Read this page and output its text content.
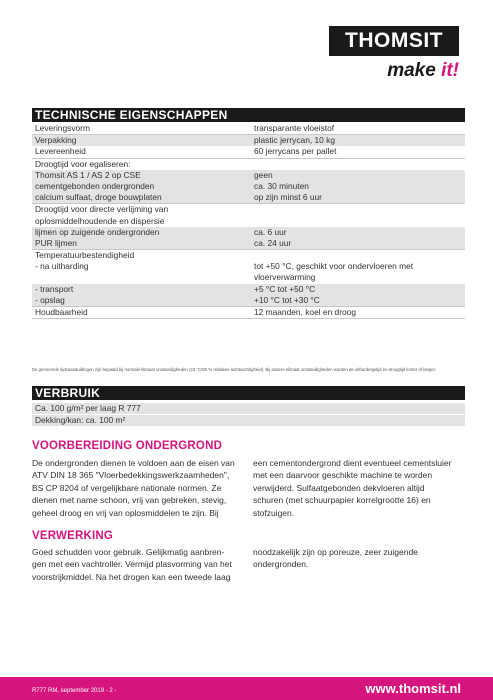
THOMSIT
make it!
TECHNISCHE EIGENSCHAPPEN
Leveringsvorm	transparante vloeistof
Verpakking	plastic jerrycan, 10 kg
Levereenheid	60 jerrycans per pallet
Droogtijd voor egaliseren:	
Thomsit AS 1 / AS 2 op CSE	geen
cementgebonden ondergronden	ca. 30 minuten
calcium sulfaat, droge bouwplaten	op zijn minst 6 uur
Droogtijd voor directe verlijming van	
oplosmiddelhoudende en dispersie	
lijmen op zuigende ondergronden	ca. 6 uur
PUR lijmen	ca. 24 uur
Temperatuurbestendigheid	
- na uitharding	tot +50 °C, geschikt voor ondervloeren met
	vloerverwarming
- transport	+5 °C tot +50 °C
- opslag	+10 °C tot +30 °C
Houdbaarheid	12 maanden, koel en droog
De genoemde tijdsaanduidingen zijn bepaald bij normale klimaat omstandigheden (23 °C/50 % relatieve luchtvochtigheid). Bij andere klimaat omstandigheden worden de uithardingstijd en droogtijd korter of langer.
VERBRUIK
Ca. 100 g/m² per laag R 777
Dekking/kan: ca. 100 m²
VOORBEREIDING ONDERGROND
De ondergronden dienen te voldoen aan de eisen van
ATV DIN 18 365 "Vloerbedekkingswerkzaamheden",
BS CP 8204 of vergelijkbare nationale normen. Ze
dienen met name schoon, vrij van gebreken, stevig,
geheel droog en vrij van oplosmiddelen te zijn. Bij
een cementondergrond dient eventueel cementsluier
met een daarvoor geschikte machine te worden
verwijderd. Sulfaatgebonden dekvloeren altijd
schuren (met schuurpapier korrelgrootte 16) en
stofzuigen.
VERWERKING
Goed schudden voor gebruik. Gelijkmatig aanbren-
gen met een vachtroller. Vermijd plasvorming van het
voorstrijkmiddel. Na het drogen kan een tweede laag
noodzakelijk zijn op poreuze, zeer zuigende
ondergronden.
R777 RM, september 2019 - 2 -	www.thomsit.nl
